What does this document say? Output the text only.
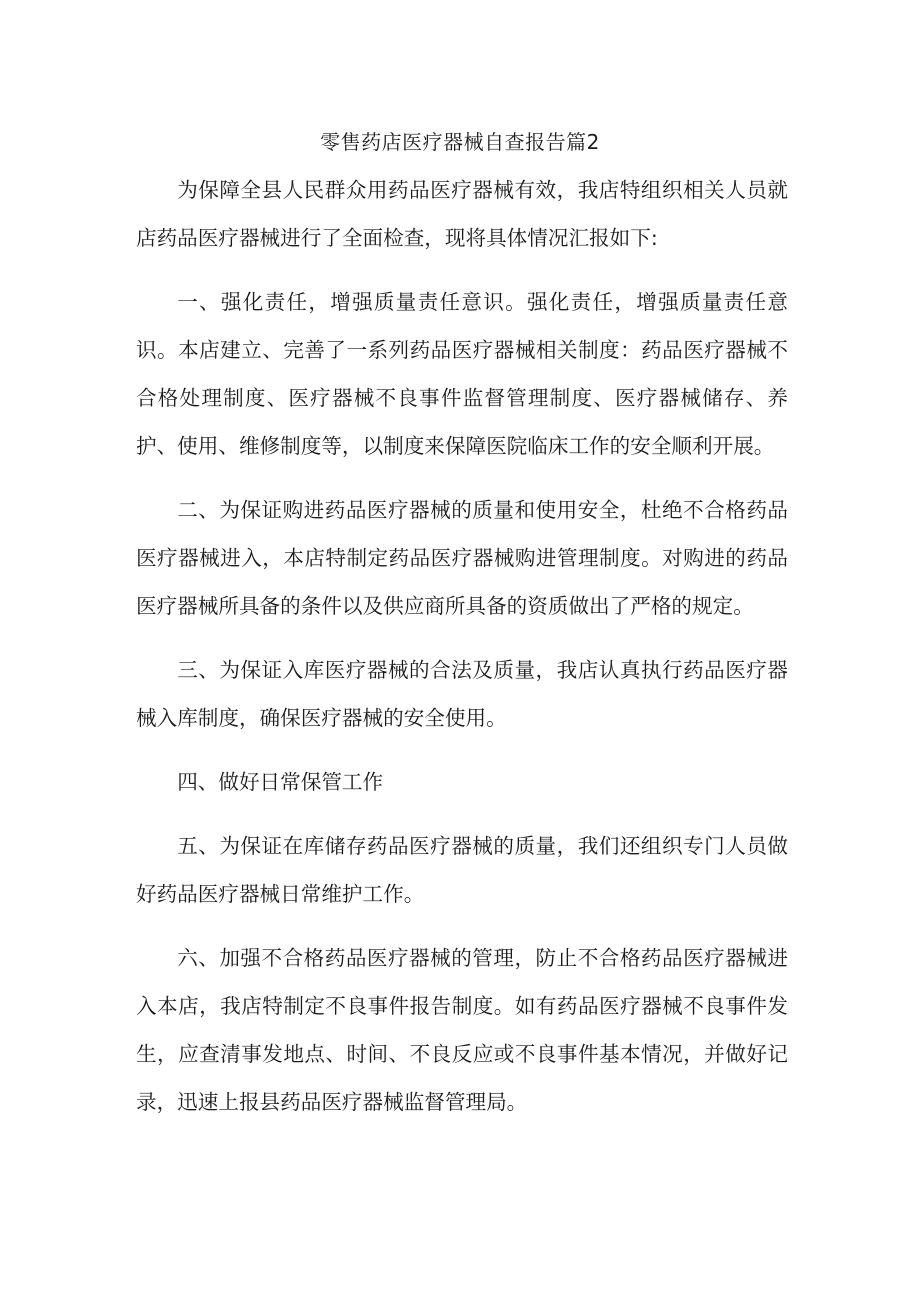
零售药店医疗器械自查报告篇2

为保障全县人民群众用药品医疗器械有效，我店特组织相关人员就店药品医疗器械进行了全面检查，现将具体情况汇报如下:

一、强化责任，增强质量责任意识。强化责任，增强质量责任意识。本店建立、完善了一系列药品医疗器械相关制度：药品医疗器械不合格处理制度、医疗器械不良事件监督管理制度、医疗器械储存、养护、使用、维修制度等，以制度来保障医院临床工作的安全顺利开展。

二、为保证购进药品医疗器械的质量和使用安全，杜绝不合格药品医疗器械进入，本店特制定药品医疗器械购进管理制度。对购进的药品医疗器械所具备的条件以及供应商所具备的资质做出了严格的规定。

三、为保证入库医疗器械的合法及质量，我店认真执行药品医疗器械入库制度，确保医疗器械的安全使用。

四、做好日常保管工作

五、为保证在库储存药品医疗器械的质量，我们还组织专门人员做好药品医疗器械日常维护工作。

六、加强不合格药品医疗器械的管理，防止不合格药品医疗器械进入本店，我店特制定不良事件报告制度。如有药品医疗器械不良事件发生，应查清事发地点、时间、不良反应或不良事件基本情况，并做好记录，迅速上报县药品医疗器械监督管理局。
